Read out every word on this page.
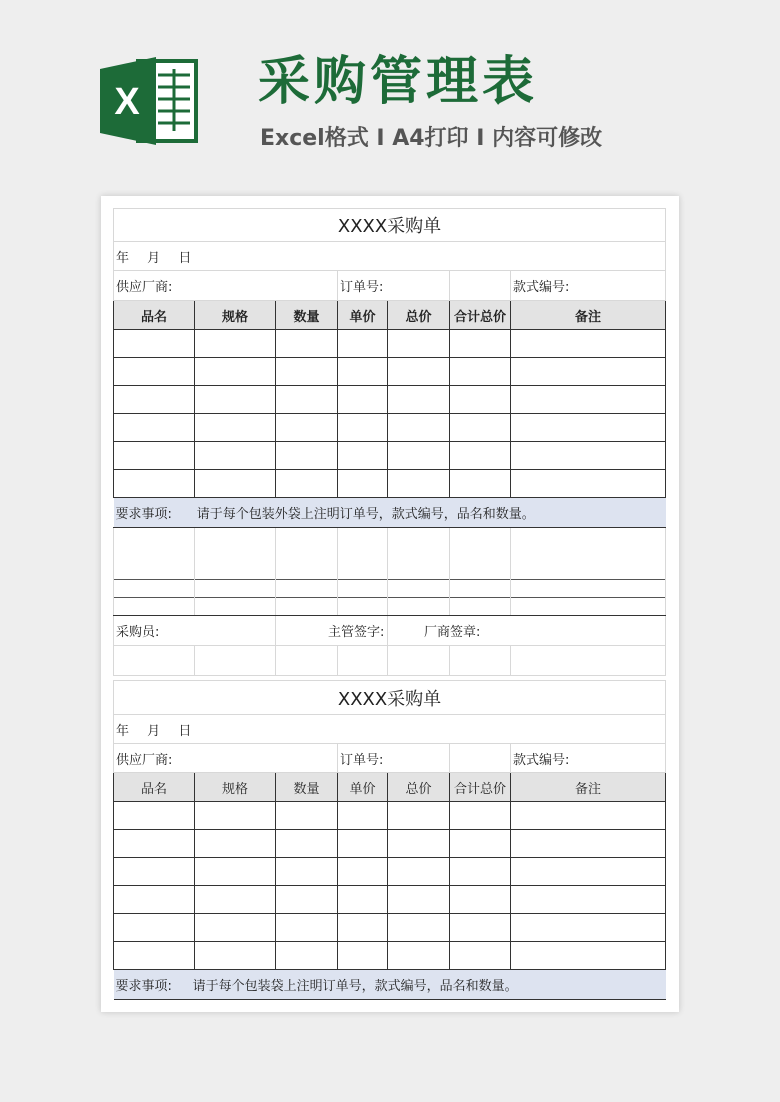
X 采购管理表
Excel格式 I A4打印 I 内容可修改
XXXX采购单						
年 月 日						
供应厂商:			订单号:			款式编号:
品名	规格	数量	单价	总价	合计总价	备注

要求事项: 请于每个包装外袋上注明订单号，款式编号，品名和数量。						

采购员:		主管签字:		厂商签章:		

XXXX采购单						
年 月 日						
供应厂商:			订单号:			款式编号:
品名	规格	数量	单价	总价	合计总价	备注

要求事项: 请于每个包装袋上注明订单号，款式编号，品名和数量。						
